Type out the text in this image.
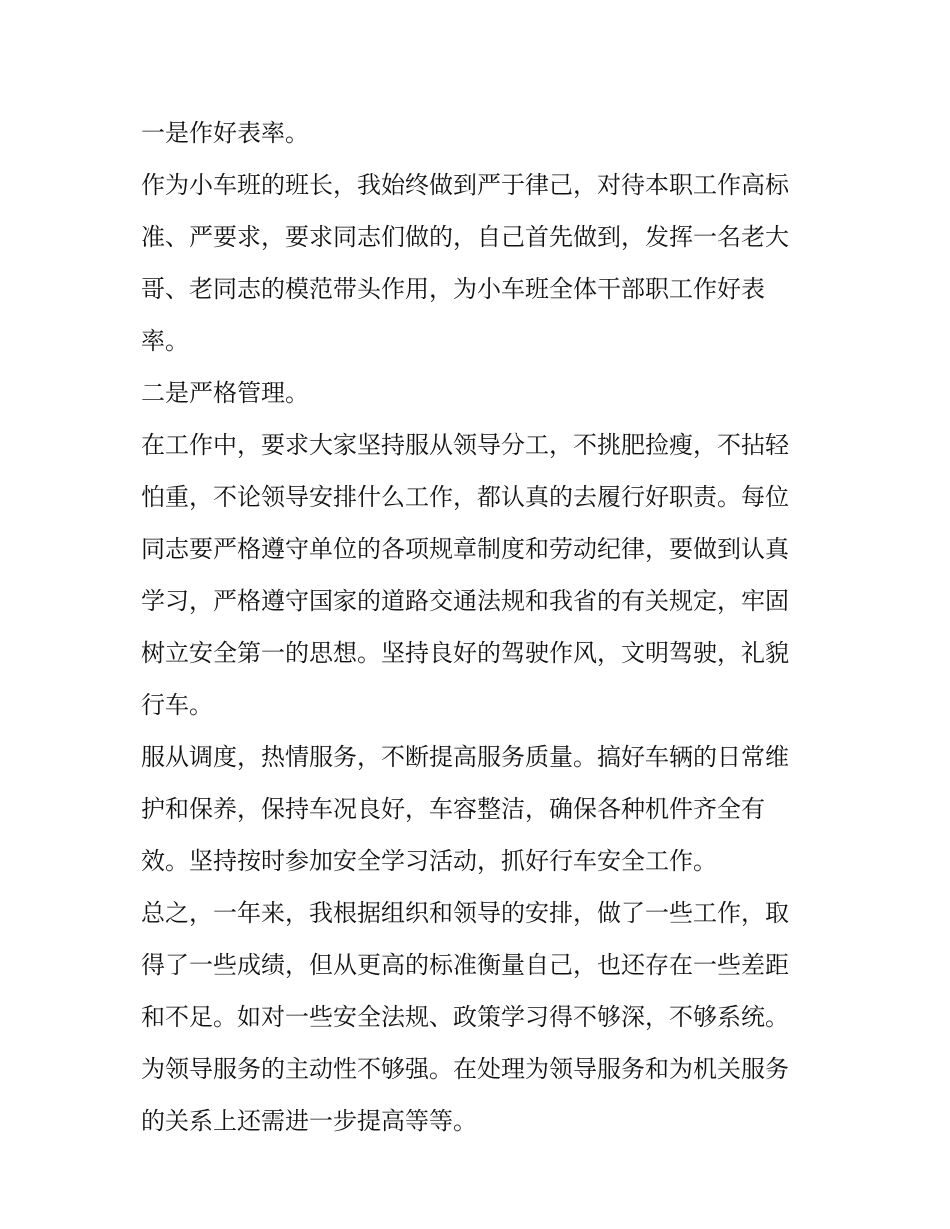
一是作好表率。
作为小车班的班长，我始终做到严于律己，对待本职工作高标
准、严要求，要求同志们做的，自己首先做到，发挥一名老大
哥、老同志的模范带头作用，为小车班全体干部职工作好表
率。
二是严格管理。
在工作中，要求大家坚持服从领导分工，不挑肥捡瘦，不拈轻
怕重，不论领导安排什么工作，都认真的去履行好职责。每位
同志要严格遵守单位的各项规章制度和劳动纪律，要做到认真
学习，严格遵守国家的道路交通法规和我省的有关规定，牢固
树立安全第一的思想。坚持良好的驾驶作风，文明驾驶，礼貌
行车。
服从调度，热情服务，不断提高服务质量。搞好车辆的日常维
护和保养，保持车况良好，车容整洁，确保各种机件齐全有
效。坚持按时参加安全学习活动，抓好行车安全工作。
总之，一年来，我根据组织和领导的安排，做了一些工作，取
得了一些成绩，但从更高的标准衡量自己，也还存在一些差距
和不足。如对一些安全法规、政策学习得不够深，不够系统。
为领导服务的主动性不够强。在处理为领导服务和为机关服务
的关系上还需进一步提高等等。
